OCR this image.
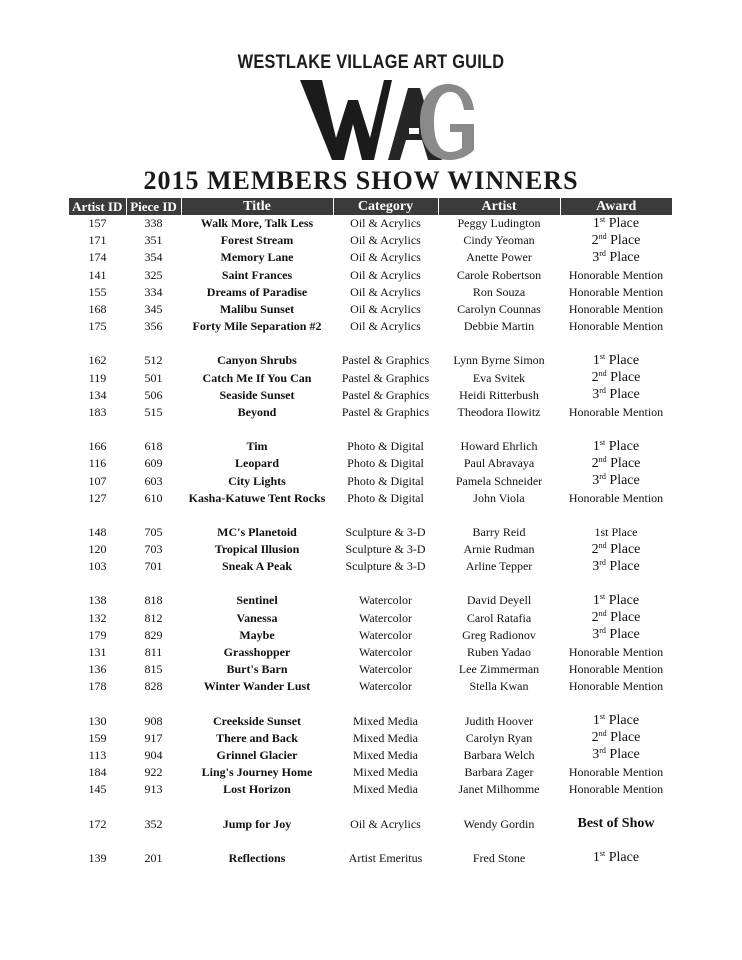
WESTLAKE VILLAGE ART GUILD
2015 MEMBERS SHOW WINNERS
Artist ID	Piece ID	Title	Category	Artist	Award
157	338	Walk More, Talk Less	Oil & Acrylics	Peggy Ludington	1st Place
171	351	Forest Stream	Oil & Acrylics	Cindy Yeoman	2nd Place
174	354	Memory Lane	Oil & Acrylics	Anette Power	3rd Place
141	325	Saint Frances	Oil & Acrylics	Carole Robertson	Honorable Mention
155	334	Dreams of Paradise	Oil & Acrylics	Ron Souza	Honorable Mention
168	345	Malibu Sunset	Oil & Acrylics	Carolyn Counnas	Honorable Mention
175	356	Forty Mile Separation #2	Oil & Acrylics	Debbie Martin	Honorable Mention

162	512	Canyon Shrubs	Pastel & Graphics	Lynn Byrne Simon	1st Place
119	501	Catch Me If You Can	Pastel & Graphics	Eva Svitek	2nd Place
134	506	Seaside Sunset	Pastel & Graphics	Heidi Ritterbush	3rd Place
183	515	Beyond	Pastel & Graphics	Theodora Ilowitz	Honorable Mention

166	618	Tim	Photo & Digital	Howard Ehrlich	1st Place
116	609	Leopard	Photo & Digital	Paul Abravaya	2nd Place
107	603	City Lights	Photo & Digital	Pamela Schneider	3rd Place
127	610	Kasha-Katuwe Tent Rocks	Photo & Digital	John Viola	Honorable Mention

148	705	MC's Planetoid	Sculpture & 3-D	Barry Reid	1st Place
120	703	Tropical Illusion	Sculpture & 3-D	Arnie Rudman	2nd Place
103	701	Sneak A Peak	Sculpture & 3-D	Arline Tepper	3rd Place

138	818	Sentinel	Watercolor	David Deyell	1st Place
132	812	Vanessa	Watercolor	Carol Ratafia	2nd Place
179	829	Maybe	Watercolor	Greg Radionov	3rd Place
131	811	Grasshopper	Watercolor	Ruben Yadao	Honorable Mention
136	815	Burt's Barn	Watercolor	Lee Zimmerman	Honorable Mention
178	828	Winter Wander Lust	Watercolor	Stella Kwan	Honorable Mention

130	908	Creekside Sunset	Mixed Media	Judith Hoover	1st Place
159	917	There and Back	Mixed Media	Carolyn Ryan	2nd Place
113	904	Grinnel Glacier	Mixed Media	Barbara Welch	3rd Place
184	922	Ling's Journey Home	Mixed Media	Barbara Zager	Honorable Mention
145	913	Lost Horizon	Mixed Media	Janet Milhomme	Honorable Mention

172	352	Jump for Joy	Oil & Acrylics	Wendy Gordin	Best of Show

139	201	Reflections	Artist Emeritus	Fred Stone	1st Place
